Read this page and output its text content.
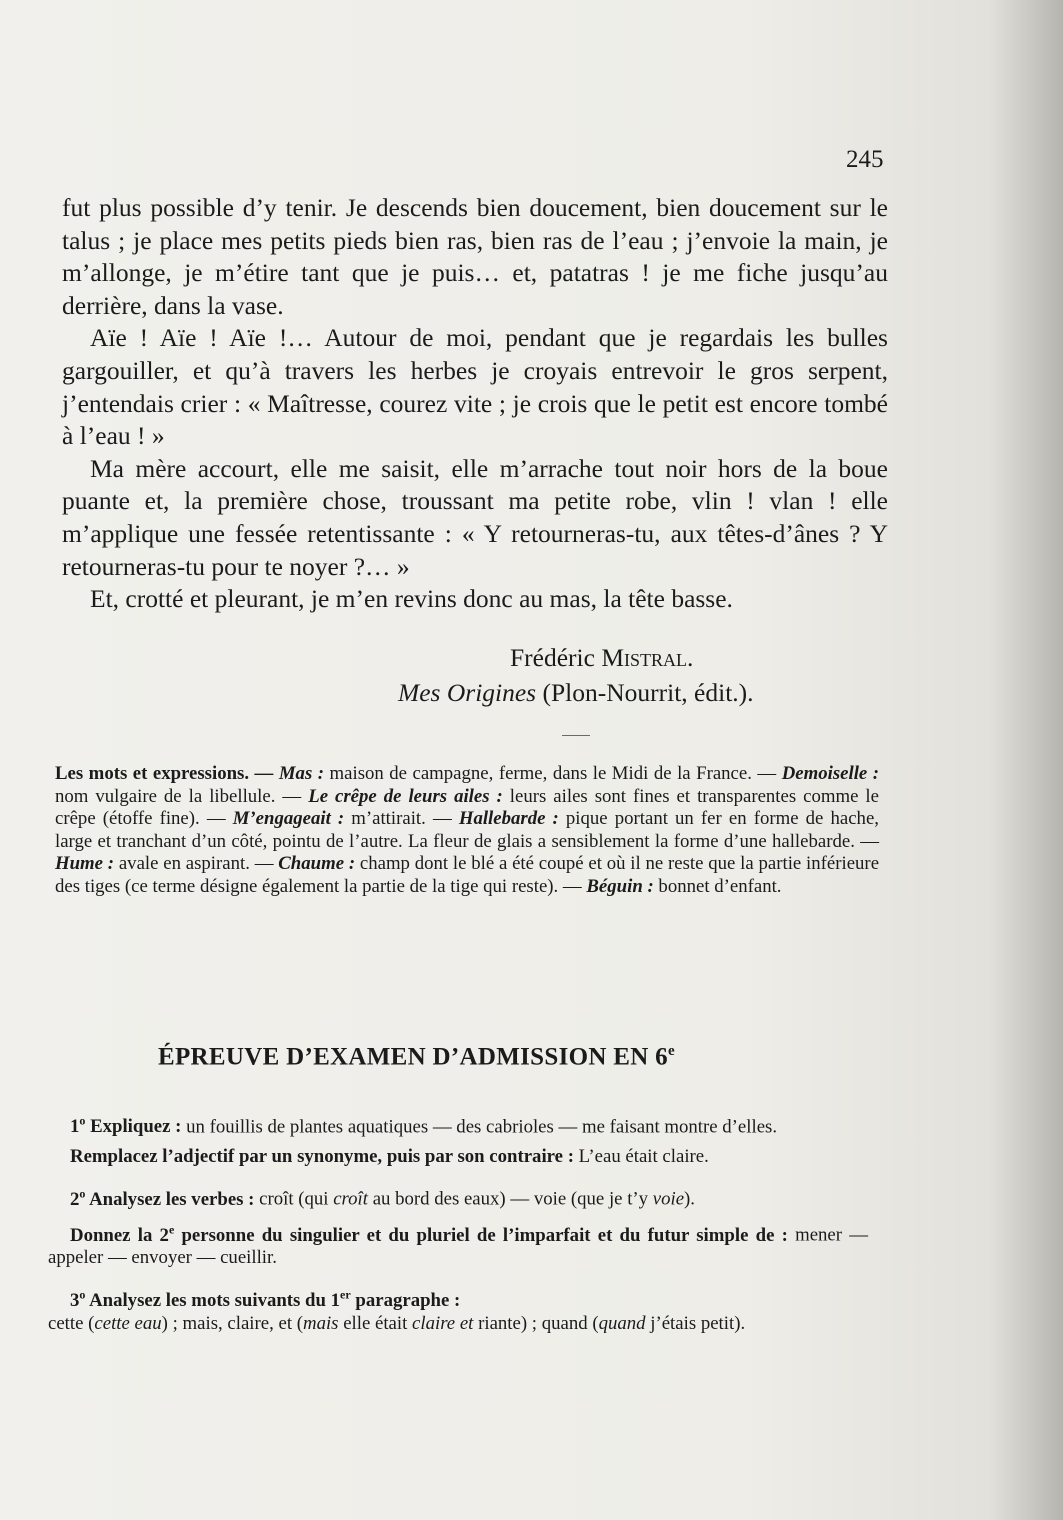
245

fut plus possible d’y tenir. Je descends bien doucement, bien doucement sur le talus ; je place mes petits pieds bien ras, bien ras de l’eau ; j’envoie la main, je m’allonge, je m’étire tant que je puis… et, patatras ! je me fiche jusqu’au derrière, dans la vase.

Aïe ! Aïe ! Aïe !… Autour de moi, pendant que je regardais les bulles gargouiller, et qu’à travers les herbes je croyais entrevoir le gros serpent, j’entendais crier : « Maîtresse, courez vite ; je crois que le petit est encore tombé à l’eau ! »

Ma mère accourt, elle me saisit, elle m’arrache tout noir hors de la boue puante et, la première chose, troussant ma petite robe, vlin ! vlan ! elle m’applique une fessée retentissante : « Y retourneras-tu, aux têtes-d’ânes ? Y retourneras-tu pour te noyer ?… »

Et, crotté et pleurant, je m’en revins donc au mas, la tête basse.

Frédéric Mistral.
Mes Origines (Plon-Nourrit, édit.).
Les mots et expressions. — Mas : maison de campagne, ferme, dans le Midi de la France. — Demoiselle : nom vulgaire de la libellule. — Le crêpe de leurs ailes : leurs ailes sont fines et transparentes comme le crêpe (étoffe fine). — M’engageait : m’attirait. — Hallebarde : pique portant un fer en forme de hache, large et tranchant d’un côté, pointu de l’autre. La fleur de glais a sensiblement la forme d’une hallebarde. — Hume : avale en aspirant. — Chaume : champ dont le blé a été coupé et où il ne reste que la partie inférieure des tiges (ce terme désigne également la partie de la tige qui reste). — Béguin : bonnet d’enfant.
ÉPREUVE D’EXAMEN D’ADMISSION EN 6e

1$^o$ Expliquez : un fouillis de plantes aquatiques — des cabrioles — me faisant montre d’elles.

Remplacez l’adjectif par un synonyme, puis par son contraire : L’eau était claire.

2$^o$ Analysez les verbes : croît (qui croît au bord des eaux) — voie (que je t’y voie).

Donnez la 2e personne du singulier et du pluriel de l’imparfait et du futur simple de : mener — appeler — envoyer — cueillir.

3$^o$ Analysez les mots suivants du 1er paragraphe :
cette (cette eau) ; mais, claire, et (mais elle était claire et riante) ; quand (quand j’étais petit).
